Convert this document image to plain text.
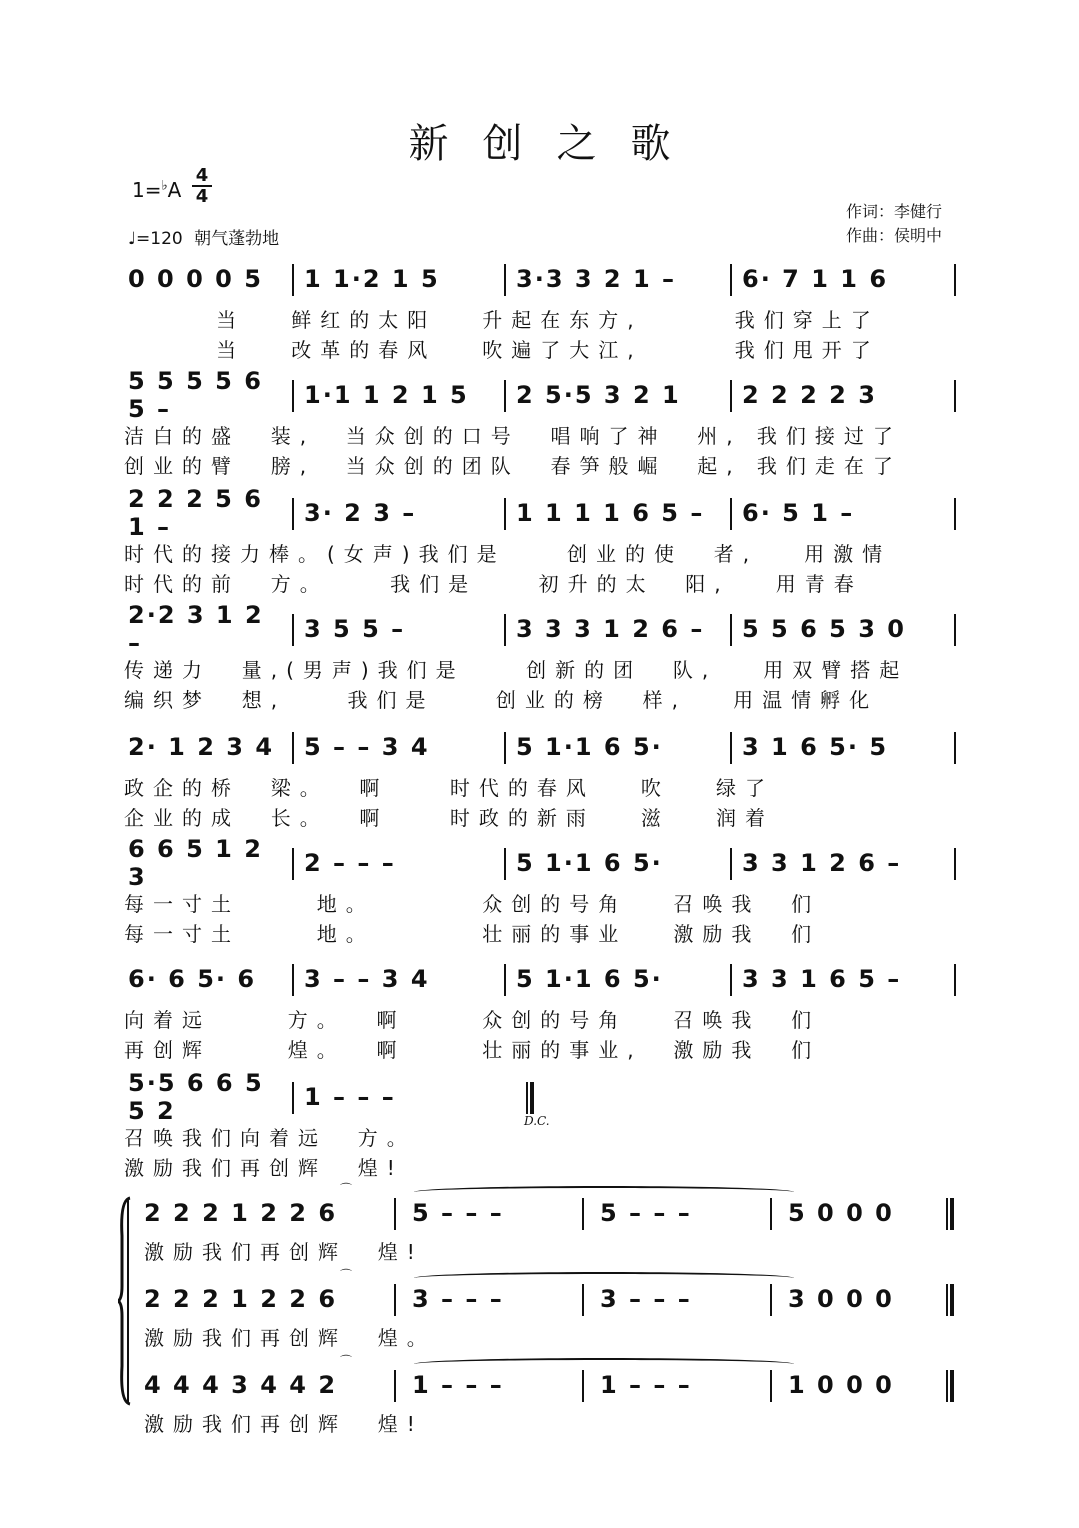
新创之歌
1=♭A
4
4
♩=120 朝气蓬勃地
作词：李健行
作曲：侯明中
0 0 0 0 5	1 1·2 1 5	3·3 3 2 1 –	6· 7 1 1 6
当   鲜红的太阳   升起在东方,      我们穿上了
当   改革的春风   吹遍了大江,      我们甩开了
5 5 5 5 6 5 –	1·1 1 2 1 5	2 5·5 3 2 1	2 2 2 2 3
洁白的盛  装,  当众创的口号  唱响了神  州, 我们接过了
创业的臂  膀,  当众创的团队  春笋般崛  起, 我们走在了
2 2 2 5 6 1 –	3· 2 3 –	1 1 1 1 6 5 –	6· 5 1 –
时代的接力棒。(女声)我们是    创业的使  者,   用激情
时代的前  方。    我们是    初升的太  阳,   用青春
2·2 3 1 2 –	3 5 5 –	3 3 3 1 2 6 –	5 5 6 5 3 0
传递力  量,(男声)我们是    创新的团  队,   用双臂搭起
编织梦  想,    我们是    创业的榜  样,   用温情孵化
2· 1 2 3 4	5 – – 3 4	5 1·1 6 5·	3 1 6 5· 5
政企的桥  梁。  啊    时代的春风   吹   绿了
企业的成  长。  啊    时政的新雨   滋   润着
6 6 5 1 2 3	2 – – –	5 1·1 6 5·	3 3 1 2 6 –
每一寸土     地。       众创的号角   召唤我  们
每一寸土     地。       壮丽的事业   激励我  们
6· 6 5· 6	3 – – 3 4	5 1·1 6 5·	3 3 1 6 5 –
向着远     方。  啊     众创的号角   召唤我  们
再创辉     煌。  啊     壮丽的事业,  激励我  们
5·5 6 6 5 5 2	1 – – –
D.C.
召唤我们向着远  方。
激励我们再创辉  煌!
2 2 2 1 2 2 6	5 – – –	5 – – –	5 0 0 0
⌒
激励我们再创辉  煌!
2 2 2 1 2 2 6	3 – – –	3 – – –	3 0 0 0
⌒
激励我们再创辉  煌。
4 4 4 3 4 4 2	1 – – –	1 – – –	1 0 0 0
⌒
激励我们再创辉  煌!
